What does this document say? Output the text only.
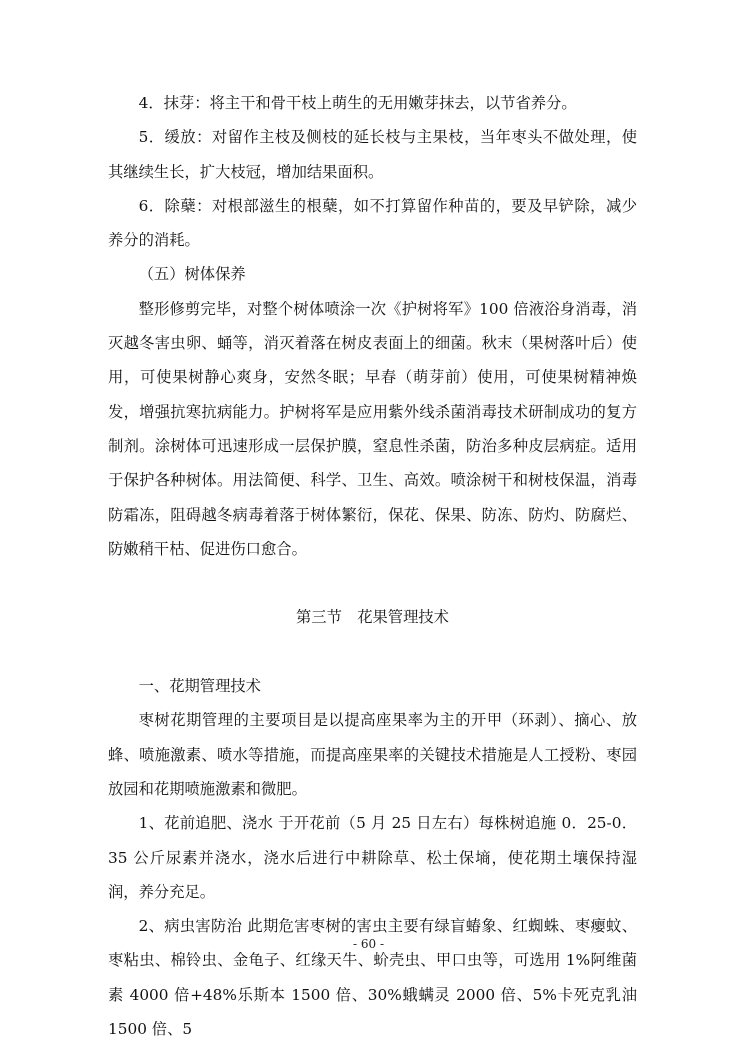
4．抹芽：将主干和骨干枝上萌生的无用嫩芽抹去，以节省养分。

5．缓放：对留作主枝及侧枝的延长枝与主果枝，当年枣头不做处理，使其继续生长，扩大枝冠，增加结果面积。

6．除蘖：对根部滋生的根蘖，如不打算留作种苗的，要及早铲除，减少养分的消耗。

（五）树体保养

整形修剪完毕，对整个树体喷涂一次《护树将军》100 倍液浴身消毒，消灭越冬害虫卵、蛹等，消灭着落在树皮表面上的细菌。秋末（果树落叶后）使用，可使果树静心爽身，安然冬眠；早春（萌芽前）使用，可使果树精神焕发，增强抗寒抗病能力。护树将军是应用紫外线杀菌消毒技术研制成功的复方制剂。涂树体可迅速形成一层保护膜，窒息性杀菌，防治多种皮层病症。适用于保护各种树体。用法简便、科学、卫生、高效。喷涂树干和树枝保温，消毒防霜冻，阻碍越冬病毒着落于树体繁衍，保花、保果、防冻、防灼、防腐烂、防嫩稍干枯、促进伤口愈合。

第三节　花果管理技术

一、花期管理技术

枣树花期管理的主要项目是以提高座果率为主的开甲（环剥）、摘心、放蜂、喷施激素、喷水等措施，而提高座果率的关键技术措施是人工授粉、枣园放园和花期喷施激素和微肥。

1、花前追肥、浇水 于开花前（5 月 25 日左右）每株树追施 0．25-0．35 公斤尿素并浇水，浇水后进行中耕除草、松土保墒，使花期土壤保持湿润，养分充足。

2、病虫害防治 此期危害枣树的害虫主要有绿盲蝽象、红蜘蛛、枣瘿蚊、枣粘虫、棉铃虫、金龟子、红缘天牛、蚧壳虫、甲口虫等，可选用 1%阿维菌素 4000 倍+48%乐斯本 1500 倍、30%蛾螨灵 2000 倍、5%卡死克乳油 1500 倍、5

- 60 -
